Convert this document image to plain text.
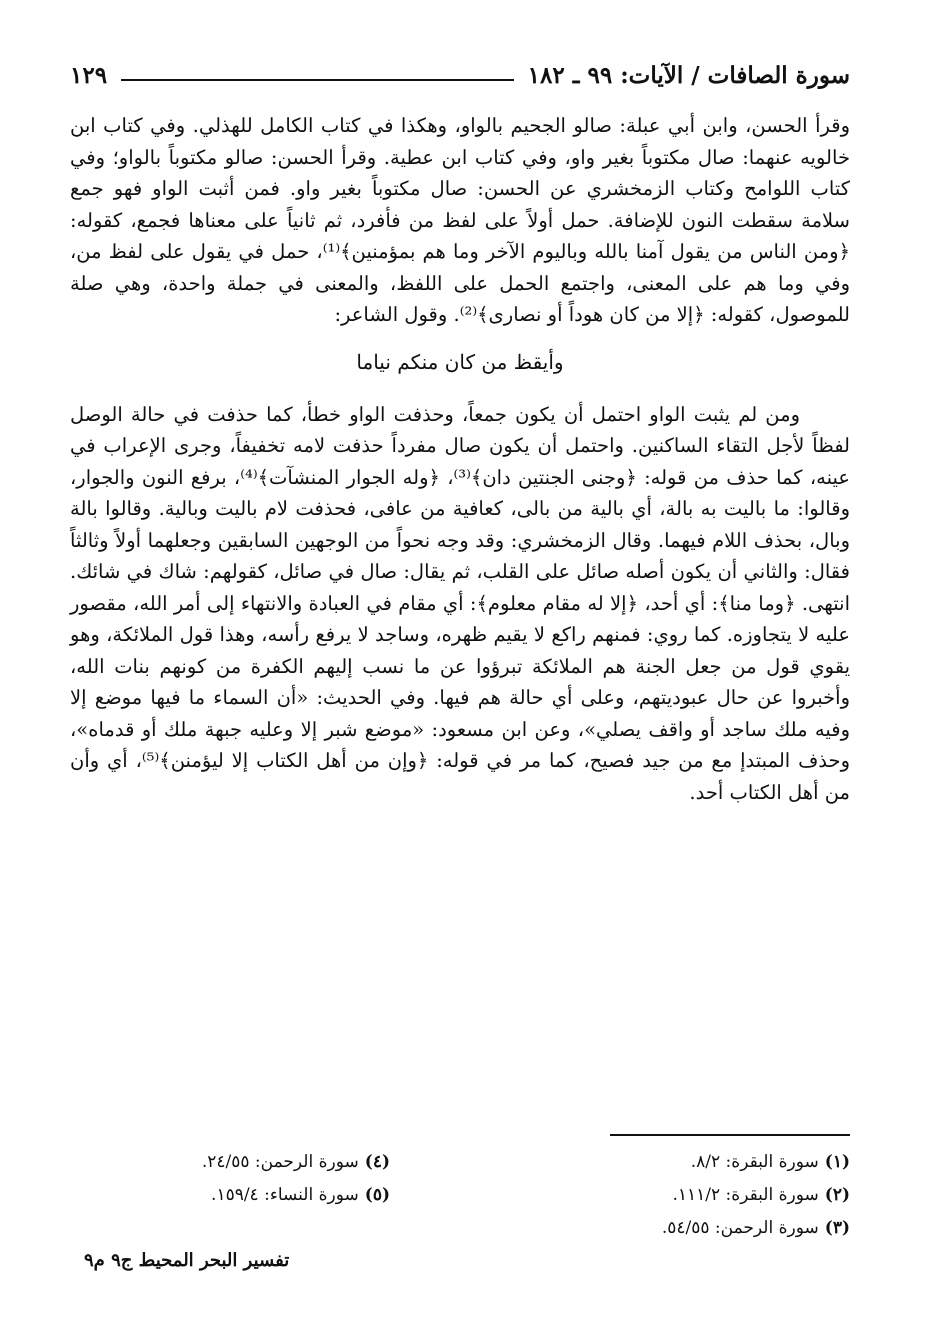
سورة الصافات / الآيات: ٩٩ ـ ١٨٢
١٢٩

وقرأ الحسن، وابن أبي عبلة: صالو الجحيم بالواو، وهكذا في كتاب الكامل للهذلي. وفي كتاب ابن خالويه عنهما: صال مكتوباً بغير واو، وفي كتاب ابن عطية. وقرأ الحسن: صالو مكتوباً بالواو؛ وفي كتاب اللوامح وكتاب الزمخشري عن الحسن: صال مكتوباً بغير واو. فمن أثبت الواو فهو جمع سلامة سقطت النون للإضافة. حمل أولاً على لفظ من فأفرد، ثم ثانياً على معناها فجمع، كقوله: ﴿ومن الناس من يقول آمنا بالله وباليوم الآخر وما هم بمؤمنين﴾⁽¹⁾، حمل في يقول على لفظ من، وفي وما هم على المعنى، واجتمع الحمل على اللفظ، والمعنى في جملة واحدة، وهي صلة للموصول، كقوله: ﴿إلا من كان هوداً أو نصارى﴾⁽²⁾. وقول الشاعر:

وأيقظ من كان منكم نياما

ومن لم يثبت الواو احتمل أن يكون جمعاً، وحذفت الواو خطأ، كما حذفت في حالة الوصل لفظاً لأجل التقاء الساكنين. واحتمل أن يكون صال مفرداً حذفت لامه تخفيفاً، وجرى الإعراب في عينه، كما حذف من قوله: ﴿وجنى الجنتين دان﴾⁽³⁾، ﴿وله الجوار المنشآت﴾⁽⁴⁾، برفع النون والجوار، وقالوا: ما باليت به بالة، أي بالية من بالى، كعافية من عافى، فحذفت لام باليت وبالية. وقالوا بالة وبال، بحذف اللام فيهما. وقال الزمخشري: وقد وجه نحواً من الوجهين السابقين وجعلهما أولاً وثالثاً فقال: والثاني أن يكون أصله صائل على القلب، ثم يقال: صال في صائل، كقولهم: شاك في شائك. انتهى. ﴿وما منا﴾: أي أحد، ﴿إلا له مقام معلوم﴾: أي مقام في العبادة والانتهاء إلى أمر الله، مقصور عليه لا يتجاوزه. كما روي: فمنهم راكع لا يقيم ظهره، وساجد لا يرفع رأسه، وهذا قول الملائكة، وهو يقوي قول من جعل الجنة هم الملائكة تبرؤوا عن ما نسب إليهم الكفرة من كونهم بنات الله، وأخبروا عن حال عبوديتهم، وعلى أي حالة هم فيها. وفي الحديث: «أن السماء ما فيها موضع إلا وفيه ملك ساجد أو واقف يصلي»، وعن ابن مسعود: «موضع شبر إلا وعليه جبهة ملك أو قدماه»، وحذف المبتدإ مع من جيد فصيح، كما مر في قوله: ﴿وإن من أهل الكتاب إلا ليؤمنن﴾⁽⁵⁾، أي وأن من أهل الكتاب أحد.

(١)سورة البقرة: ٨/٢.
(٢)سورة البقرة: ١١١/٢.
(٣)سورة الرحمن: ٥٤/٥٥.
(٤)سورة الرحمن: ٢٤/٥٥.
(٥)سورة النساء: ١٥٩/٤.
تفسير البحر المحيط ج٩ م٩
